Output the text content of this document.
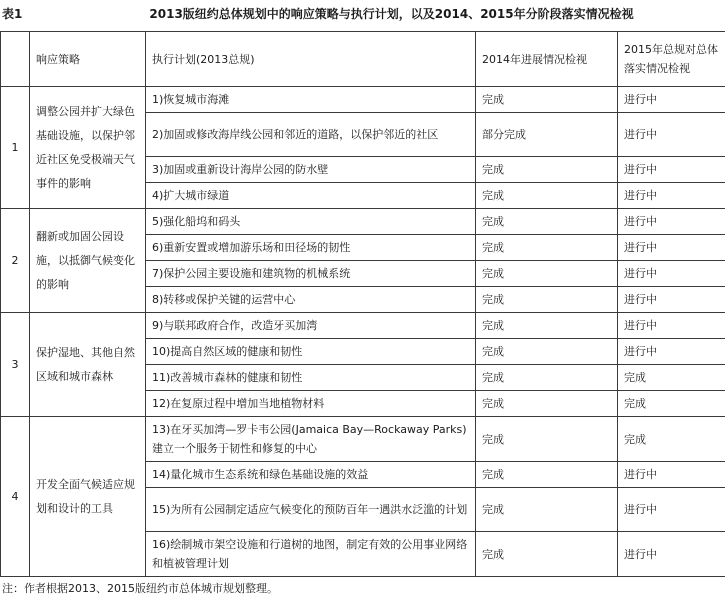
表1	2013版纽约总体规划中的响应策略与执行计划，以及2014、2015年分阶段落实情况检视
	响应策略	执行计划(2013总规)	2014年进展情况检视	2015年总规对总体落实情况检视
1	调整公园并扩大绿色基础设施，以保护邻近社区免受极端天气事件的影响	1)恢复城市海滩	完成	进行中
		2)加固或修改海岸线公园和邻近的道路，以保护邻近的社区	部分完成	进行中
		3)加固或重新设计海岸公园的防水壁	完成	进行中
		4)扩大城市绿道	完成	进行中
2	翻新或加固公园设施，以抵御气候变化的影响	5)强化船坞和码头	完成	进行中
		6)重新安置或增加游乐场和田径场的韧性	完成	进行中
		7)保护公园主要设施和建筑物的机械系统	完成	进行中
		8)转移或保护关键的运营中心	完成	进行中
3	保护湿地、其他自然区域和城市森林	9)与联邦政府合作，改造牙买加湾	完成	进行中
		10)提高自然区域的健康和韧性	完成	进行中
		11)改善城市森林的健康和韧性	完成	完成
		12)在复原过程中增加当地植物材料	完成	完成
4	开发全面气候适应规划和设计的工具	13)在牙买加湾—罗卡韦公园(Jamaica Bay—Rockaway Parks)建立一个服务于韧性和修复的中心	完成	完成
		14)量化城市生态系统和绿色基础设施的效益	完成	进行中
		15)为所有公园制定适应气候变化的预防百年一遇洪水泛滥的计划	完成	进行中
		16)绘制城市架空设施和行道树的地图，制定有效的公用事业网络和植被管理计划	完成	进行中
注：作者根据2013、2015版纽约市总体城市规划整理。
